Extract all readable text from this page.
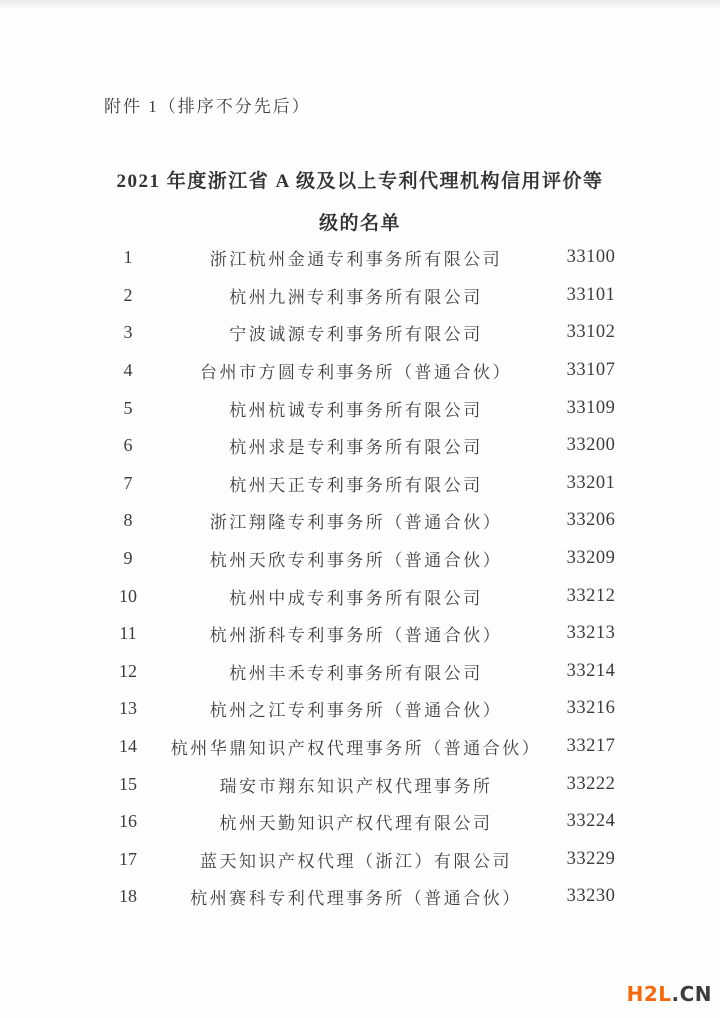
附件 1（排序不分先后）
2021 年度浙江省 A 级及以上专利代理机构信用评价等
级的名单
1	浙江杭州金通专利事务所有限公司	33100
2	杭州九洲专利事务所有限公司	33101
3	宁波诚源专利事务所有限公司	33102
4	台州市方圆专利事务所（普通合伙）	33107
5	杭州杭诚专利事务所有限公司	33109
6	杭州求是专利事务所有限公司	33200
7	杭州天正专利事务所有限公司	33201
8	浙江翔隆专利事务所（普通合伙）	33206
9	杭州天欣专利事务所（普通合伙）	33209
10	杭州中成专利事务所有限公司	33212
11	杭州浙科专利事务所（普通合伙）	33213
12	杭州丰禾专利事务所有限公司	33214
13	杭州之江专利事务所（普通合伙）	33216
14	杭州华鼎知识产权代理事务所（普通合伙）	33217
15	瑞安市翔东知识产权代理事务所	33222
16	杭州天勤知识产权代理有限公司	33224
17	蓝天知识产权代理（浙江）有限公司	33229
18	杭州赛科专利代理事务所（普通合伙）	33230
H2L.CN
